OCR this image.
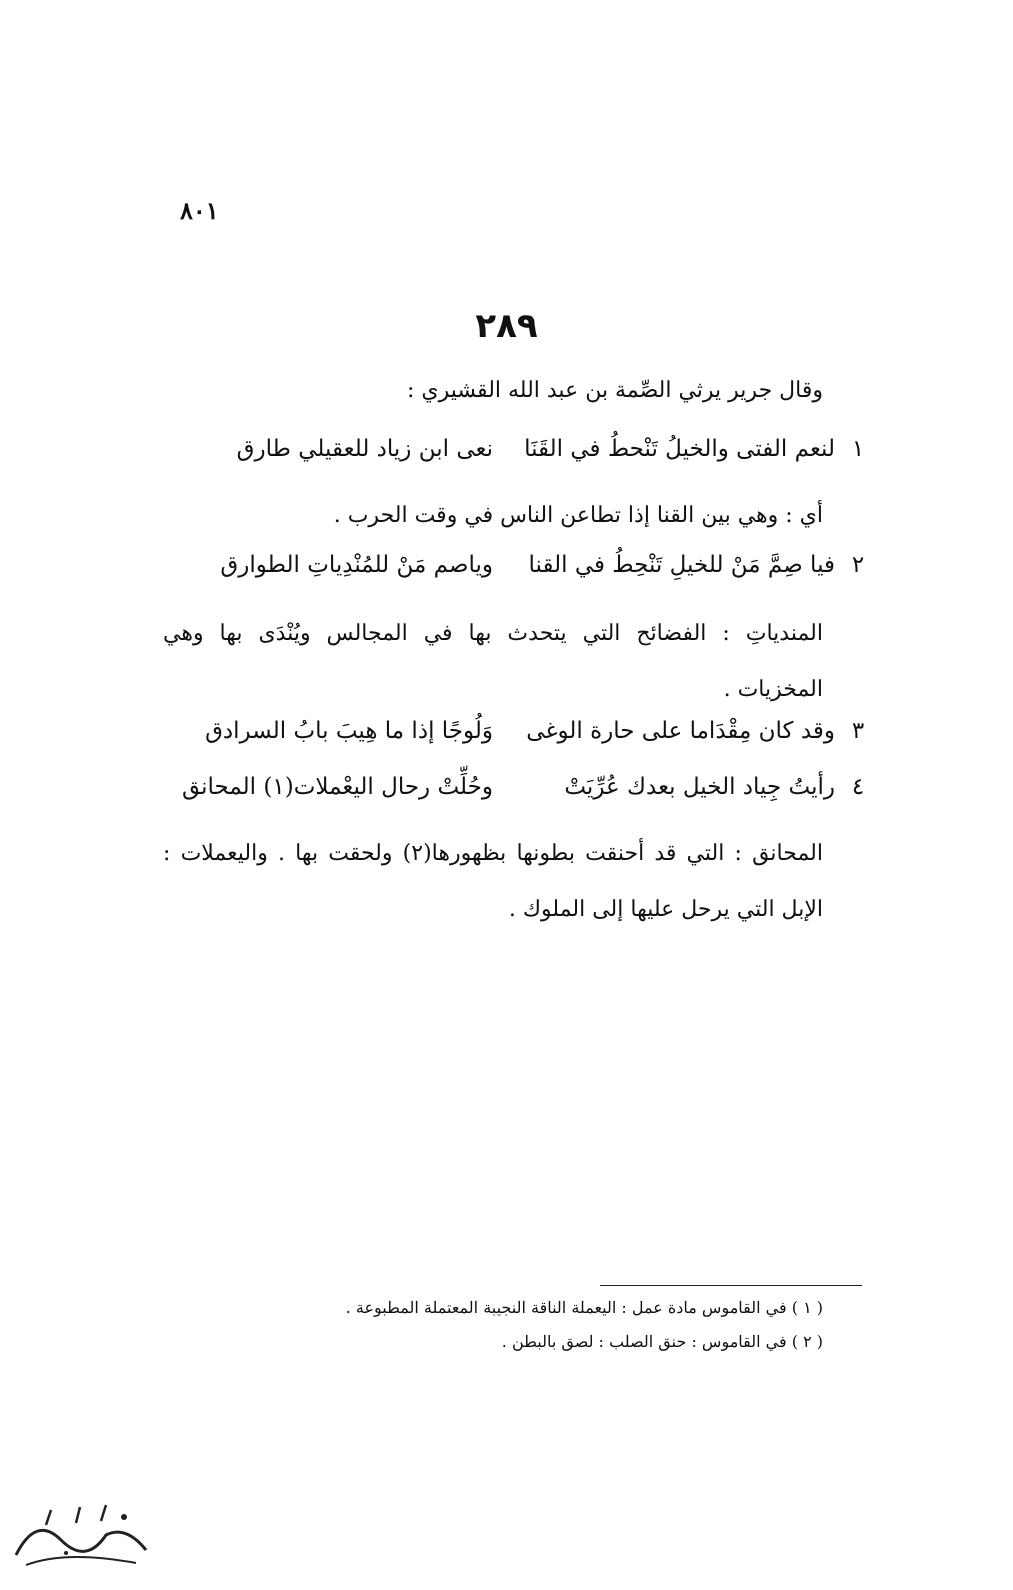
٨٠١
٢٨٩
وقال جرير يرثي الصِّمة بن عبد الله القشيري :
١
لنعم الفتى والخيلُ تَنْحطُ في القَنَا
نعى ابن زياد للعقيلي طارق
أي : وهي بين القنا إذا تطاعن الناس في وقت الحرب .
٢
فيا صِمَّ مَنْ للخيلِ تَنْحِطُ في القنا
وياصم مَنْ للمُنْدِياتِ الطوارق
المندياتِ : الفضائح التي يتحدث بها في المجالس ويُنْدَى بها وهي المخزيات .
٣
وقد كان مِقْدَاما على حارة الوغى
وَلُوجًا إذا ما هِيبَ بابُ السرادق
٤
رأيتُ جِياد الخيل بعدك عُرِّيَتْ
وحُلِّتْ رحال اليعْملات(١) المحانق
المحانق : التي قد أحنقت بطونها بظهورها(٢) ولحقت بها . واليعملات : الإبل التي يرحل عليها إلى الملوك .
( ١ ) في القاموس مادة عمل : اليعملة الناقة النجيبة المعتملة المطبوعة .
( ٢ ) في القاموس : حنق الصلب : لصق بالبطن .
